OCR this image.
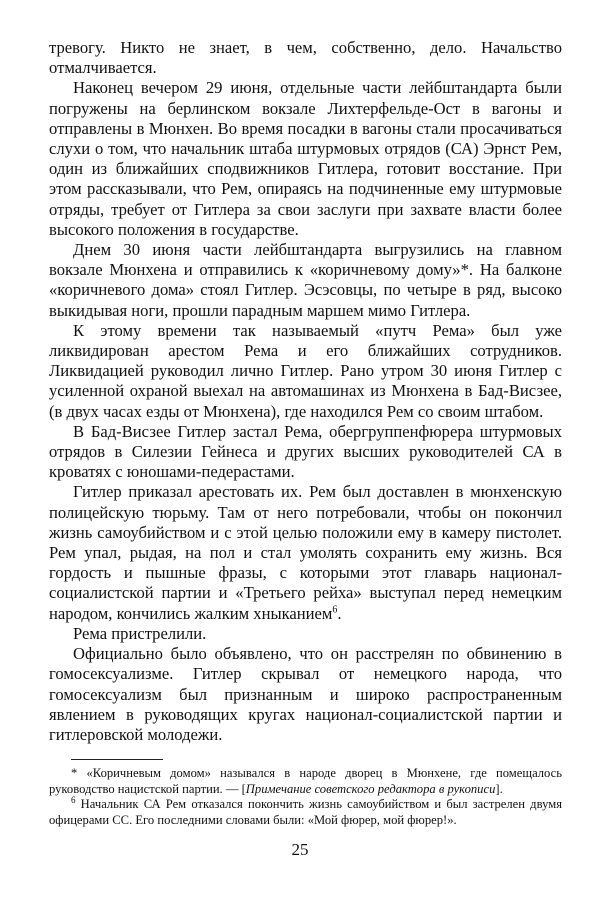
тревогу. Никто не знает, в чем, собственно, дело. Начальство отмалчивается.

Наконец вечером 29 июня, отдельные части лейбштандарта были погружены на берлинском вокзале Лихтерфельде-Ост в вагоны и отправлены в Мюнхен. Во время посадки в вагоны стали просачиваться слухи о том, что начальник штаба штурмовых отрядов (СА) Эрнст Рем, один из ближайших сподвижников Гитлера, готовит восстание. При этом рассказывали, что Рем, опираясь на подчиненные ему штурмовые отряды, требует от Гитлера за свои заслуги при захвате власти более высокого положения в государстве.

Днем 30 июня части лейбштандарта выгрузились на главном вокзале Мюнхена и отправились к «коричневому дому»*. На балконе «коричневого дома» стоял Гитлер. Эсэсовцы, по четыре в ряд, высоко выкидывая ноги, прошли парадным маршем мимо Гитлера.

К этому времени так называемый «путч Рема» был уже ликвидирован арестом Рема и его ближайших сотрудников. Ликвидацией руководил лично Гитлер. Рано утром 30 июня Гитлер с усиленной охраной выехал на автомашинах из Мюнхена в Бад-Висзее, (в двух часах езды от Мюнхена), где находился Рем со своим штабом.

В Бад-Висзее Гитлер застал Рема, обергруппенфюрера штурмовых отрядов в Силезии Гейнеса и других высших руководителей СА в кроватях с юношами-педерастами.

Гитлер приказал арестовать их. Рем был доставлен в мюнхенскую полицейскую тюрьму. Там от него потребовали, чтобы он покончил жизнь самоубийством и с этой целью положили ему в камеру пистолет. Рем упал, рыдая, на пол и стал умолять сохранить ему жизнь. Вся гордость и пышные фразы, с которыми этот главарь национал-социалистской партии и «Третьего рейха» выступал перед немецким народом, кончились жалким хныканием$^6$.

Рема пристрелили.

Официально было объявлено, что он расстрелян по обвинению в гомосексуализме. Гитлер скрывал от немецкого народа, что гомосексуализм был признанным и широко распространенным явлением в руководящих кругах национал-социалистской партии и гитлеровской молодежи.

* «Коричневым домом» назывался в народе дворец в Мюнхене, где помещалось руководство нацистской партии. — [Примечание советского редактора в рукописи].

$^6$ Начальник СА Рем отказался покончить жизнь самоубийством и был застрелен двумя офицерами СС. Его последними словами были: «Мой фюрер, мой фюрер!».

25
